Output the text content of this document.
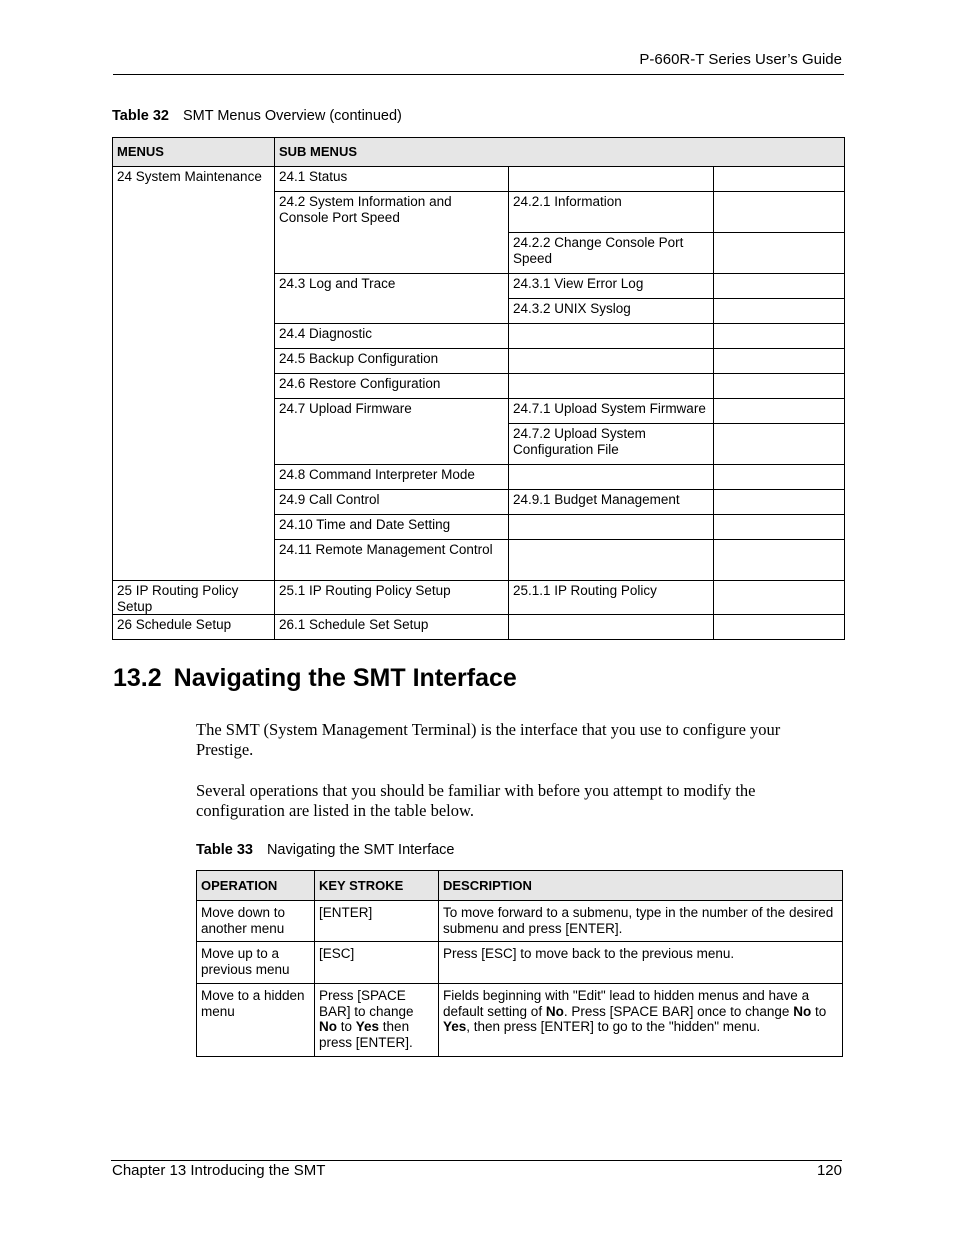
P-660R-T Series User’s Guide
Table 32 SMT Menus Overview (continued)
MENUS	SUB MENUS		
24 System Maintenance	24.1 Status		
	24.2 System Information and Console Port Speed	24.2.1 Information	
		24.2.2 Change Console Port Speed	
	24.3 Log and Trace	24.3.1 View Error Log	
		24.3.2 UNIX Syslog	
	24.4 Diagnostic		
	24.5 Backup Configuration		
	24.6 Restore Configuration		
	24.7 Upload Firmware	24.7.1 Upload System Firmware	
		24.7.2 Upload System Configuration File	
	24.8 Command Interpreter Mode		
	24.9 Call Control	24.9.1 Budget Management	
	24.10 Time and Date Setting		
	24.11 Remote Management Control		
25 IP Routing Policy Setup	25.1 IP Routing Policy Setup	25.1.1 IP Routing Policy	
26 Schedule Setup	26.1 Schedule Set Setup		
13.2 Navigating the SMT Interface

The SMT (System Management Terminal) is the interface that you use to configure your Prestige.

Several operations that you should be familiar with before you attempt to modify the configuration are listed in the table below.

Table 33 Navigating the SMT Interface
OPERATION	KEY STROKE	DESCRIPTION
Move down to another menu	[ENTER]	To move forward to a submenu, type in the number of the desired submenu and press [ENTER].
Move up to a previous menu	[ESC]	Press [ESC] to move back to the previous menu.
Move to a hidden menu	Press [SPACE BAR] to change No to Yes then press [ENTER].	Fields beginning with "Edit" lead to hidden menus and have a default setting of No. Press [SPACE BAR] once to change No to Yes, then press [ENTER] to go to the "hidden" menu.
Chapter 13 Introducing the SMT	120
